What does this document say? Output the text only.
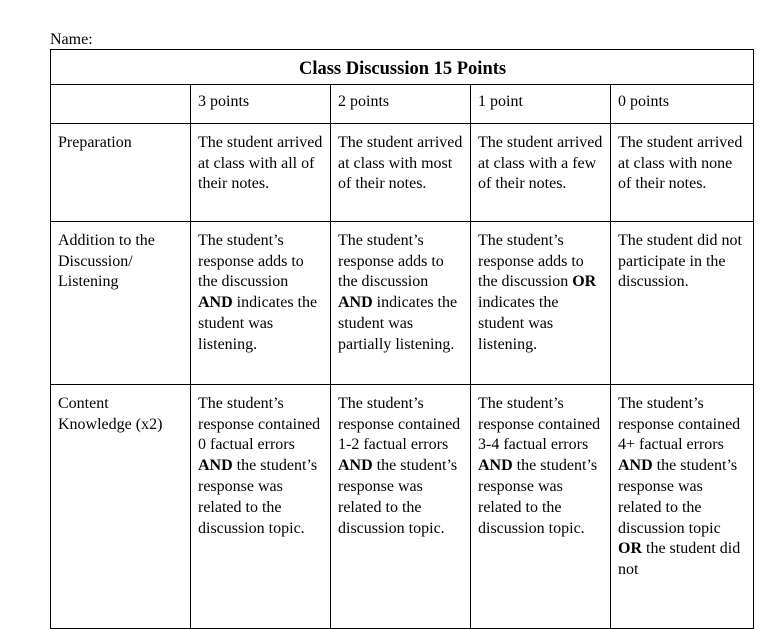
Name:
Class Discussion 15 Points				
	3 points	2 points	1 point	0 points
Preparation	The student arrived at class with all of their notes.	The student arrived at class with most of their notes.	The student arrived at class with a few of their notes.	The student arrived at class with none of their notes.
Addition to the Discussion/ Listening	The student’s response adds to the discussion AND indicates the student was listening.	The student’s response adds to the discussion AND indicates the student was partially listening.	The student’s response adds to the discussion OR indicates the student was listening.	The student did not participate in the discussion.
Content Knowledge (x2)	The student’s response contained 0 factual errors AND the student’s response was related to the discussion topic.	The student’s response contained 1-2 factual errors AND the student’s response was related to the discussion topic.	The student’s response contained 3-4 factual errors AND the student’s response was related to the discussion topic.	The student’s response contained 4+ factual errors AND the student’s response was related to the discussion topic OR the student did not
